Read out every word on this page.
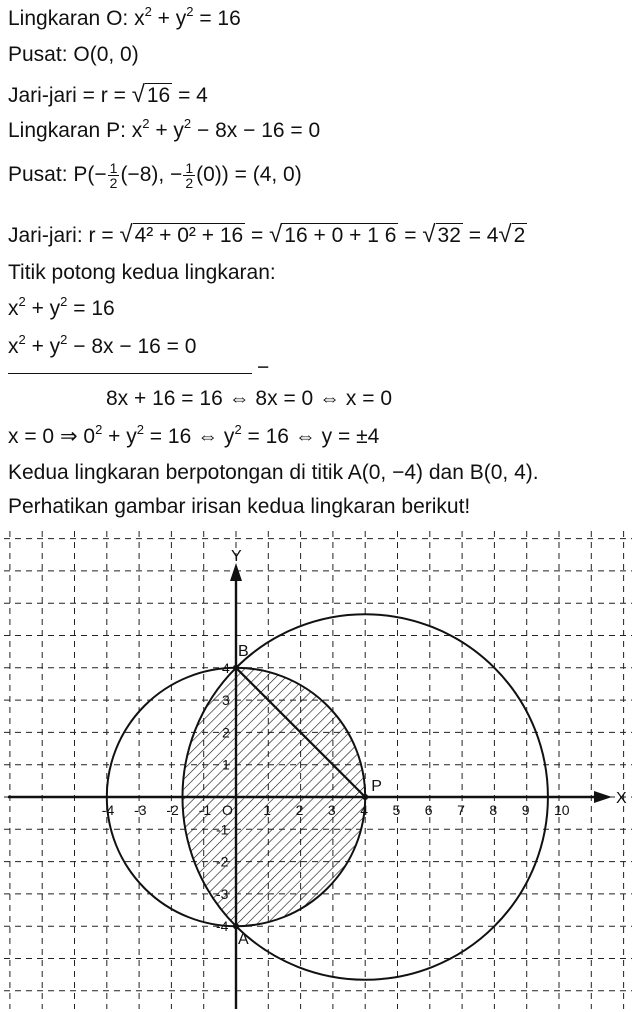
Lingkaran O: $x^2 + y^2 = 16$
Pusat: O(0, 0)
Jari-jari = r = √16 = 4
Lingkaran P: $x^2 + y^2 - 8x - 16 = 0$
Pusat: $P(- \frac{1}{2} (-8)$, − $\frac{1}{2} (0)) = (4$, 0)
Jari-jari: r = √4² + 0² + 16 = √16 + 0 + 1 6 = √32 = 4√2
Titik potong kedua lingkaran:
$x^2 + y^2 = 16$
$x^2 + y^2 - 8x - 16 = 0$
−
8x + 16 = 16 ⇔ 8x = 0 ⇔ x = 0
x = 0 ⇒ $0^2 + y^2 = 16$ ⇔ $y^2 = 16$ ⇔ y = ±4
Kedua lingkaran berpotongan di titik A(0, −4) dan B(0, 4).
Perhatikan gambar irisan kedua lingkaran berikut!
X
Y
-4 -3 -2 -1 O 1 2 3 4 5 6 7 8 9 10
4
3
2
1
-1
-2
-3
-4
B
P
A
